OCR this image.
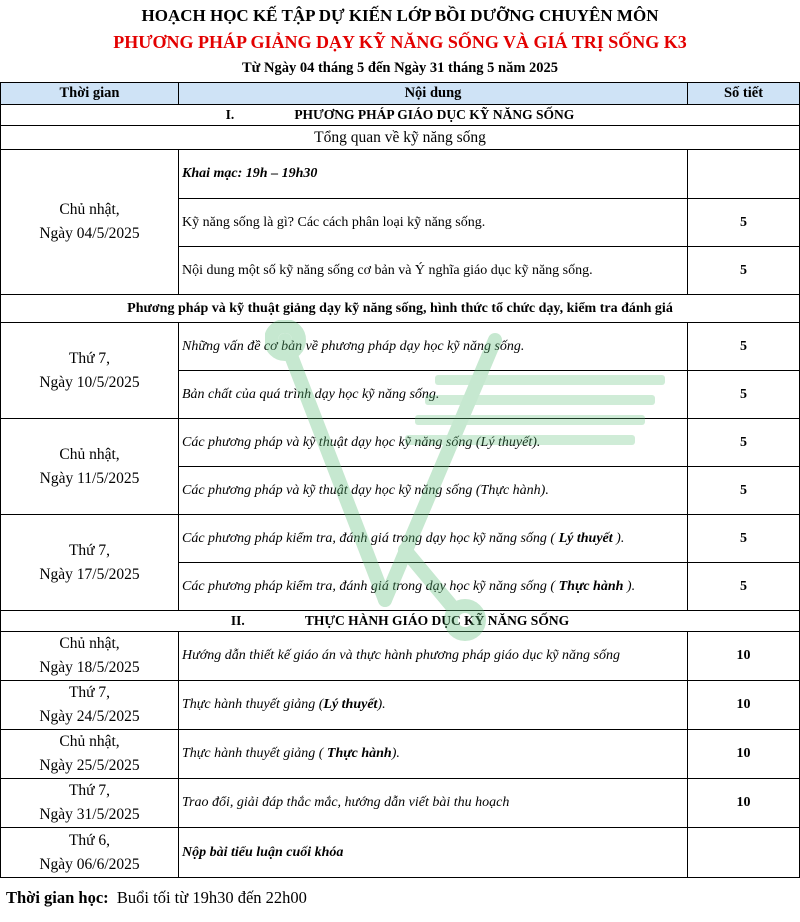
HOẠCH HỌC KẾ TẬP DỰ KIẾN LỚP BỒI DƯỠNG CHUYÊN MÔN
PHƯƠNG PHÁP GIẢNG DẠY KỸ NĂNG SỐNG VÀ GIÁ TRỊ SỐNG K3
Từ Ngày 04 tháng 5 đến Ngày 31 tháng 5 năm 2025
Thời gian	Nội dung	Số tiết
I. PHƯƠNG PHÁP GIÁO DỤC KỸ NĂNG SỐNG		
Tổng quan về kỹ năng sống		
Chủ nhật,
Ngày 04/5/2025	Khai mạc: 19h – 19h30	
	Kỹ năng sống là gì? Các cách phân loại kỹ năng sống.	5
	Nội dung một số kỹ năng sống cơ bản và Ý nghĩa giáo dục kỹ năng sống.	5
Phương pháp và kỹ thuật giảng dạy kỹ năng sống, hình thức tổ chức dạy, kiểm tra đánh giá		
Thứ 7,
Ngày 10/5/2025	Những vấn đề cơ bản về phương pháp dạy học kỹ năng sống.	5
	Bản chất của quá trình dạy học kỹ năng sống.	5
Chủ nhật,
Ngày 11/5/2025	Các phương pháp và kỹ thuật dạy học kỹ năng sống (Lý thuyết).	5
	Các phương pháp và kỹ thuật dạy học kỹ năng sống (Thực hành).	5
Thứ 7,
Ngày 17/5/2025	Các phương pháp kiểm tra, đánh giá trong dạy học kỹ năng sống ( Lý thuyết ).	5
	Các phương pháp kiểm tra, đánh giá trong dạy học kỹ năng sống ( Thực hành ).	5
II. THỰC HÀNH GIÁO DỤC KỸ NĂNG SỐNG		
Chủ nhật,
Ngày 18/5/2025	Hướng dẫn thiết kế giáo án và thực hành phương pháp giáo dục kỹ năng sống	10
Thứ 7,
Ngày 24/5/2025	Thực hành thuyết giảng (Lý thuyết).	10
Chủ nhật,
Ngày 25/5/2025	Thực hành thuyết giảng ( Thực hành).	10
Thứ 7,
Ngày 31/5/2025	Trao đổi, giải đáp thắc mắc, hướng dẫn viết bài thu hoạch	10
Thứ 6,
Ngày 06/6/2025	Nộp bài tiểu luận cuối khóa	
Thời gian học: Buổi tối từ 19h30 đến 22h00
